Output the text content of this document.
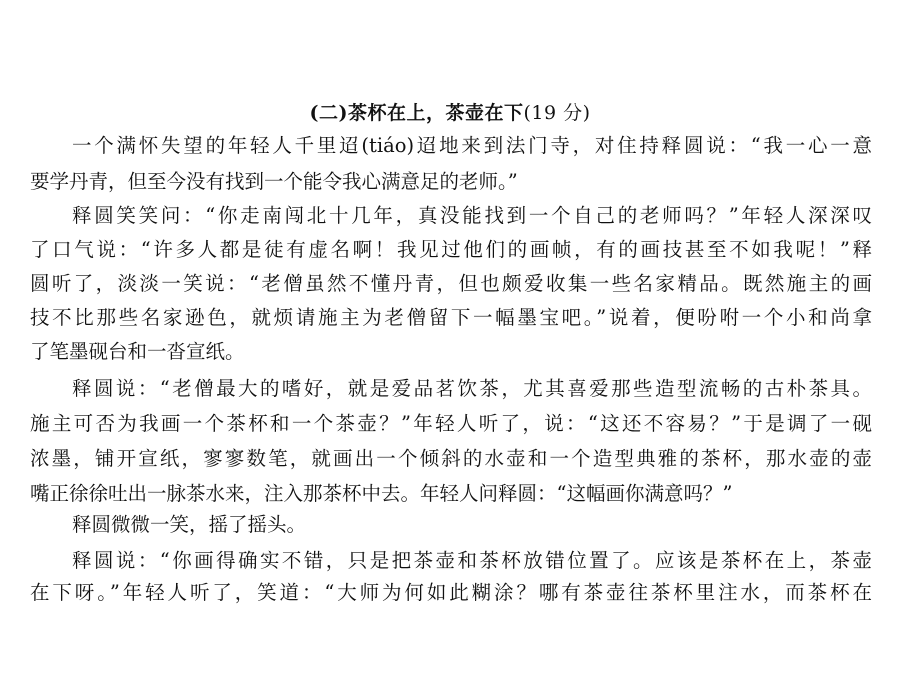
(二)茶杯在上，茶壶在下(19 分)
一个满怀失望的年轻人千里迢(tiáo)迢地来到法门寺，对住持释圆说：“我一心一意
要学丹青，但至今没有找到一个能令我心满意足的老师。”
释圆笑笑问：“你走南闯北十几年，真没能找到一个自己的老师吗？”年轻人深深叹
了口气说：“许多人都是徒有虚名啊！我见过他们的画帧，有的画技甚至不如我呢！”释
圆听了，淡淡一笑说：“老僧虽然不懂丹青，但也颇爱收集一些名家精品。既然施主的画
技不比那些名家逊色，就烦请施主为老僧留下一幅墨宝吧。”说着，便吩咐一个小和尚拿
了笔墨砚台和一沓宣纸。
释圆说：“老僧最大的嗜好，就是爱品茗饮茶，尤其喜爱那些造型流畅的古朴茶具。
施主可否为我画一个茶杯和一个茶壶？”年轻人听了，说：“这还不容易？”于是调了一砚
浓墨，铺开宣纸，寥寥数笔，就画出一个倾斜的水壶和一个造型典雅的茶杯，那水壶的壶
嘴正徐徐吐出一脉茶水来，注入那茶杯中去。年轻人问释圆：“这幅画你满意吗？”
释圆微微一笑，摇了摇头。
释圆说：“你画得确实不错，只是把茶壶和茶杯放错位置了。应该是茶杯在上，茶壶
在下呀。”年轻人听了，笑道：“大师为何如此糊涂？哪有茶壶往茶杯里注水，而茶杯在
